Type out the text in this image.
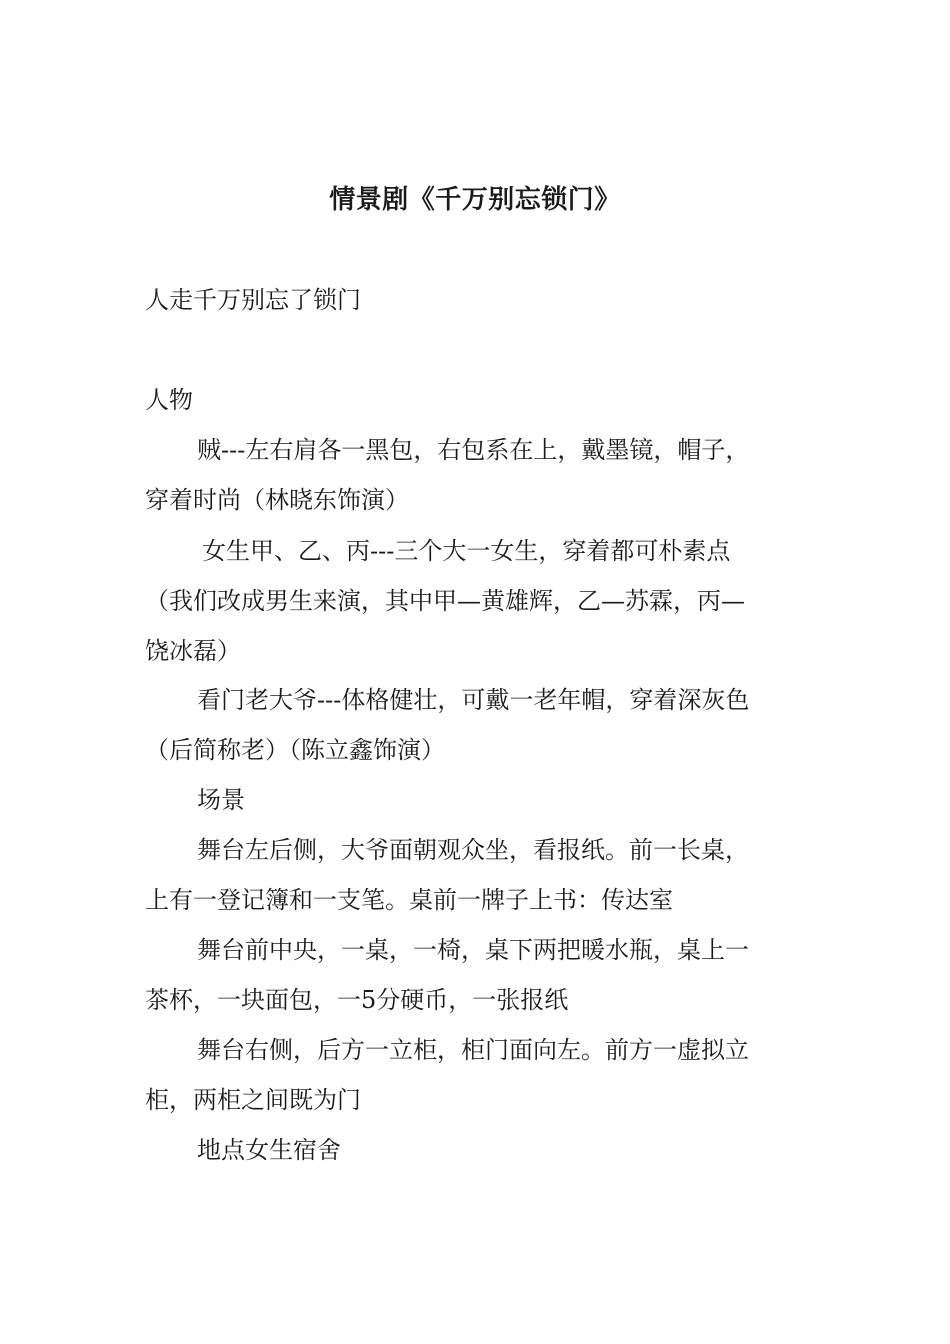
情景剧《千万别忘锁门》
人走千万别忘了锁门
人物
贼---左右肩各一黑包，右包系在上，戴墨镜，帽子，
穿着时尚（林晓东饰演）
女生甲、乙、丙---三个大一女生，穿着都可朴素点
（我们改成男生来演，其中甲—黄雄辉，乙—苏霖，丙—
饶冰磊）
看门老大爷---体格健壮，可戴一老年帽，穿着深灰色
（后简称老）（陈立鑫饰演）
场景
舞台左后侧，大爷面朝观众坐，看报纸。前一长桌，
上有一登记簿和一支笔。桌前一牌子上书：传达室
舞台前中央，一桌，一椅，桌下两把暖水瓶，桌上一
茶杯，一块面包，一5分硬币，一张报纸
舞台右侧，后方一立柜，柜门面向左。前方一虚拟立
柜，两柜之间既为门
地点女生宿舍
